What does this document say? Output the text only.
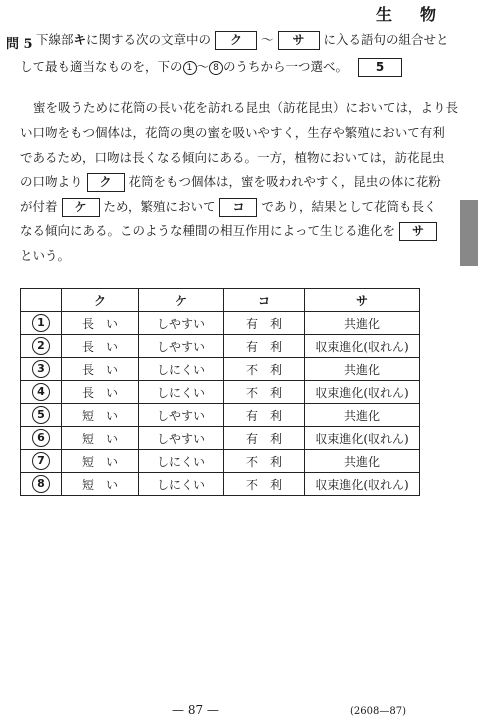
生　物
問 5 下線部キに関する次の文章中の ク 〜 サ に入る語句の組合せと
して最も適当なものを，下の 1 〜 8 のうちから一つ選べ。 5
蜜を吸うために花筒の長い花を訪れる昆虫（訪花昆虫）においては，より長
い口吻をもつ個体は，花筒の奥の蜜を吸いやすく，生存や繁殖において有利
であるため，口吻は長くなる傾向にある。一方，植物においては，訪花昆虫
の口吻より ク 花筒をもつ個体は，蜜を吸われやすく，昆虫の体に花粉
が付着 ケ ため，繁殖において コ であり，結果として花筒も長く
なる傾向にある。このような種間の相互作用によって生じる進化を サ
という。
	ク	ケ	コ	サ
1	長　い	しやすい	有　利	共進化
2	長　い	しやすい	有　利	収束進化(収れん)
3	長　い	しにくい	不　利	共進化
4	長　い	しにくい	不　利	収束進化(収れん)
5	短　い	しやすい	有　利	共進化
6	短　い	しやすい	有　利	収束進化(収れん)
7	短　い	しにくい	不　利	共進化
8	短　い	しにくい	不　利	収束進化(収れん)
— 87 —	(2608—87)
